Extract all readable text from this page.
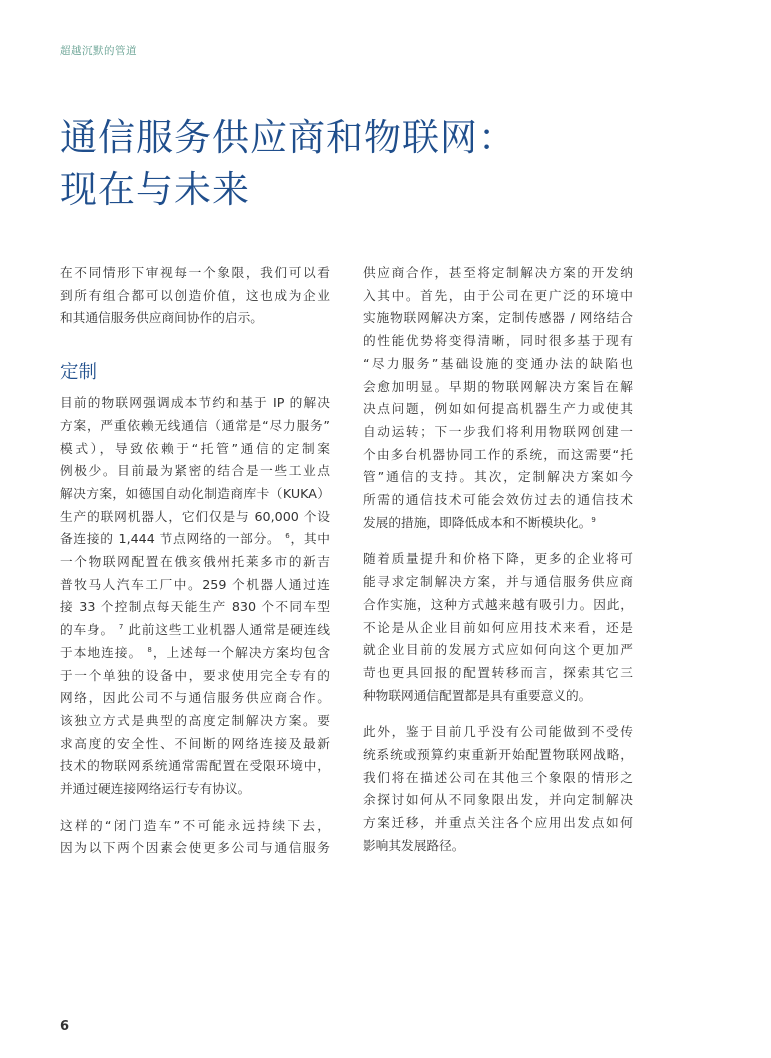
超越沉默的管道
通信服务供应商和物联网：
现在与未来

在不同情形下审视每一个象限，我们可以看
到所有组合都可以创造价值，这也成为企业
和其通信服务供应商间协作的启示。

定制

目前的物联网强调成本节约和基于 IP 的解决
方案，严重依赖无线通信（通常是“尽力服务”
模式），导致依赖于“托管”通信的定制案
例极少。目前最为紧密的结合是一些工业点
解决方案，如德国自动化制造商库卡（KUKA）
生产的联网机器人，它们仅是与 60,000 个设
备连接的 1,444 节点网络的一部分。 $^6$，其中
一个物联网配置在俄亥俄州托莱多市的新吉
普牧马人汽车工厂中。259 个机器人通过连
接 33 个控制点每天能生产 830 个不同车型
的车身。 $^7$ 此前这些工业机器人通常是硬连线
于本地连接。 $^8$，上述每一个解决方案均包含
于一个单独的设备中，要求使用完全专有的
网络，因此公司不与通信服务供应商合作。
该独立方式是典型的高度定制解决方案。要
求高度的安全性、不间断的网络连接及最新
技术的物联网系统通常需配置在受限环境中，
并通过硬连接网络运行专有协议。

这样的“闭门造车”不可能永远持续下去，
因为以下两个因素会使更多公司与通信服务

供应商合作，甚至将定制解决方案的开发纳
入其中。首先，由于公司在更广泛的环境中
实施物联网解决方案，定制传感器 / 网络结合
的性能优势将变得清晰，同时很多基于现有
“尽力服务”基础设施的变通办法的缺陷也
会愈加明显。早期的物联网解决方案旨在解
决点问题，例如如何提高机器生产力或使其
自动运转；下一步我们将利用物联网创建一
个由多台机器协同工作的系统，而这需要“托
管”通信的支持。其次，定制解决方案如今
所需的通信技术可能会效仿过去的通信技术
发展的措施，即降低成本和不断模块化。$^9$

随着质量提升和价格下降，更多的企业将可
能寻求定制解决方案，并与通信服务供应商
合作实施，这种方式越来越有吸引力。因此，
不论是从企业目前如何应用技术来看，还是
就企业目前的发展方式应如何向这个更加严
苛也更具回报的配置转移而言，探索其它三
种物联网通信配置都是具有重要意义的。

此外，鉴于目前几乎没有公司能做到不受传
统系统或预算约束重新开始配置物联网战略，
我们将在描述公司在其他三个象限的情形之
余探讨如何从不同象限出发，并向定制解决
方案迁移，并重点关注各个应用出发点如何
影响其发展路径。

6
